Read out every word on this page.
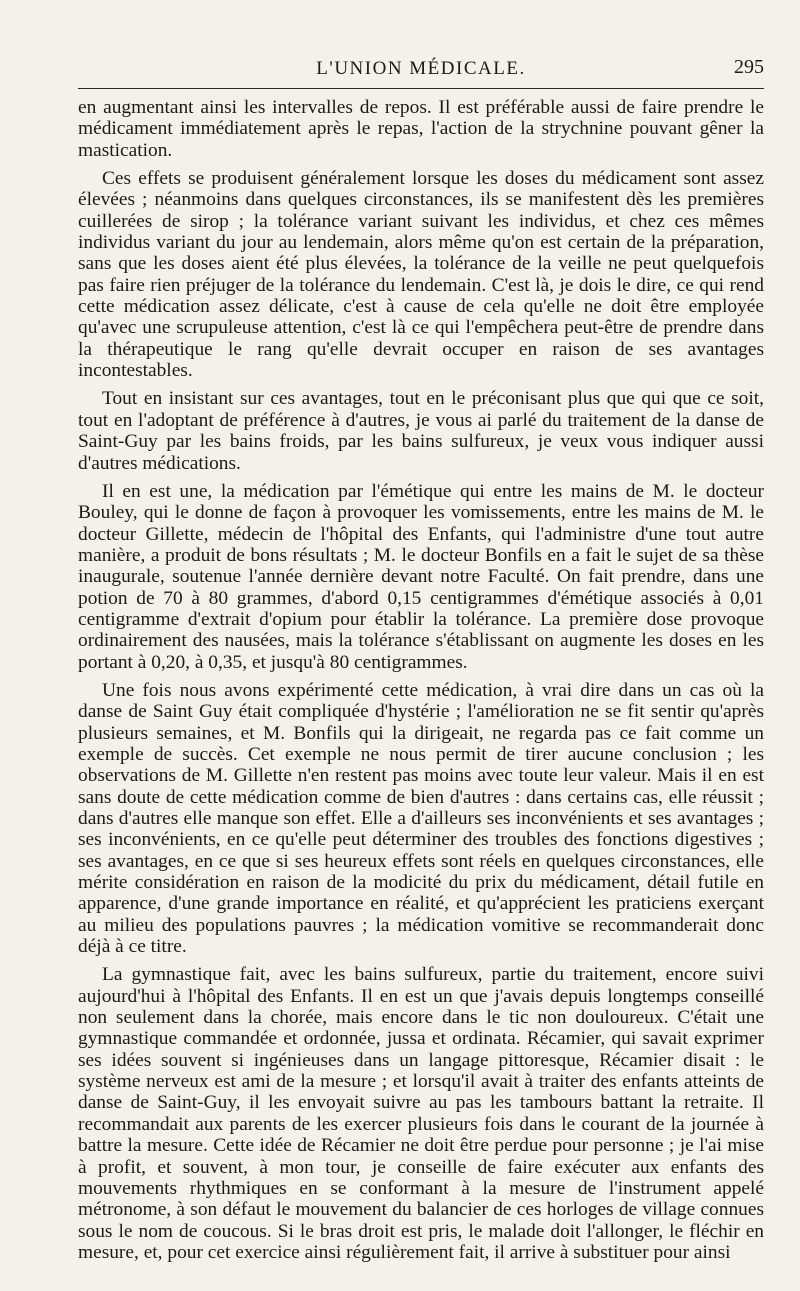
L'UNION MÉDICALE.	295

en augmentant ainsi les intervalles de repos. Il est préférable aussi de faire prendre le médicament immédiatement après le repas, l'action de la strychnine pouvant gêner la mastication.

Ces effets se produisent généralement lorsque les doses du médicament sont assez élevées ; néanmoins dans quelques circonstances, ils se manifestent dès les premières cuillerées de sirop ; la tolérance variant suivant les individus, et chez ces mêmes individus variant du jour au lendemain, alors même qu'on est certain de la préparation, sans que les doses aient été plus élevées, la tolérance de la veille ne peut quelquefois pas faire rien préjuger de la tolérance du lendemain. C'est là, je dois le dire, ce qui rend cette médication assez délicate, c'est à cause de cela qu'elle ne doit être employée qu'avec une scrupuleuse attention, c'est là ce qui l'empêchera peut-être de prendre dans la thérapeutique le rang qu'elle devrait occuper en raison de ses avantages incontestables.

Tout en insistant sur ces avantages, tout en le préconisant plus que qui que ce soit, tout en l'adoptant de préférence à d'autres, je vous ai parlé du traitement de la danse de Saint-Guy par les bains froids, par les bains sulfureux, je veux vous indiquer aussi d'autres médications.

Il en est une, la médication par l'émétique qui entre les mains de M. le docteur Bouley, qui le donne de façon à provoquer les vomissements, entre les mains de M. le docteur Gillette, médecin de l'hôpital des Enfants, qui l'administre d'une tout autre manière, a produit de bons résultats ; M. le docteur Bonfils en a fait le sujet de sa thèse inaugurale, soutenue l'année dernière devant notre Faculté. On fait prendre, dans une potion de 70 à 80 grammes, d'abord 0,15 centigrammes d'émétique associés à 0,01 centigramme d'extrait d'opium pour établir la tolérance. La première dose provoque ordinairement des nausées, mais la tolérance s'établissant on augmente les doses en les portant à 0,20, à 0,35, et jusqu'à 80 centigrammes.

Une fois nous avons expérimenté cette médication, à vrai dire dans un cas où la danse de Saint Guy était compliquée d'hystérie ; l'amélioration ne se fit sentir qu'après plusieurs semaines, et M. Bonfils qui la dirigeait, ne regarda pas ce fait comme un exemple de succès. Cet exemple ne nous permit de tirer aucune conclusion ; les observations de M. Gillette n'en restent pas moins avec toute leur valeur. Mais il en est sans doute de cette médication comme de bien d'autres : dans certains cas, elle réussit ; dans d'autres elle manque son effet. Elle a d'ailleurs ses inconvénients et ses avantages ; ses inconvénients, en ce qu'elle peut déterminer des troubles des fonctions digestives ; ses avantages, en ce que si ses heureux effets sont réels en quelques circonstances, elle mérite considération en raison de la modicité du prix du médicament, détail futile en apparence, d'une grande importance en réalité, et qu'apprécient les praticiens exerçant au milieu des populations pauvres ; la médication vomitive se recommanderait donc déjà à ce titre.

La gymnastique fait, avec les bains sulfureux, partie du traitement, encore suivi aujourd'hui à l'hôpital des Enfants. Il en est un que j'avais depuis longtemps conseillé non seulement dans la chorée, mais encore dans le tic non douloureux. C'était une gymnastique commandée et ordonnée, jussa et ordinata. Récamier, qui savait exprimer ses idées souvent si ingénieuses dans un langage pittoresque, Récamier disait : le système nerveux est ami de la mesure ; et lorsqu'il avait à traiter des enfants atteints de danse de Saint-Guy, il les envoyait suivre au pas les tambours battant la retraite. Il recommandait aux parents de les exercer plusieurs fois dans le courant de la journée à battre la mesure. Cette idée de Récamier ne doit être perdue pour personne ; je l'ai mise à profit, et souvent, à mon tour, je conseille de faire exécuter aux enfants des mouvements rhythmiques en se conformant à la mesure de l'instrument appelé métronome, à son défaut le mouvement du balancier de ces horloges de village connues sous le nom de coucous. Si le bras droit est pris, le malade doit l'allonger, le fléchir en mesure, et, pour cet exercice ainsi régulièrement fait, il arrive à substituer pour ainsi
